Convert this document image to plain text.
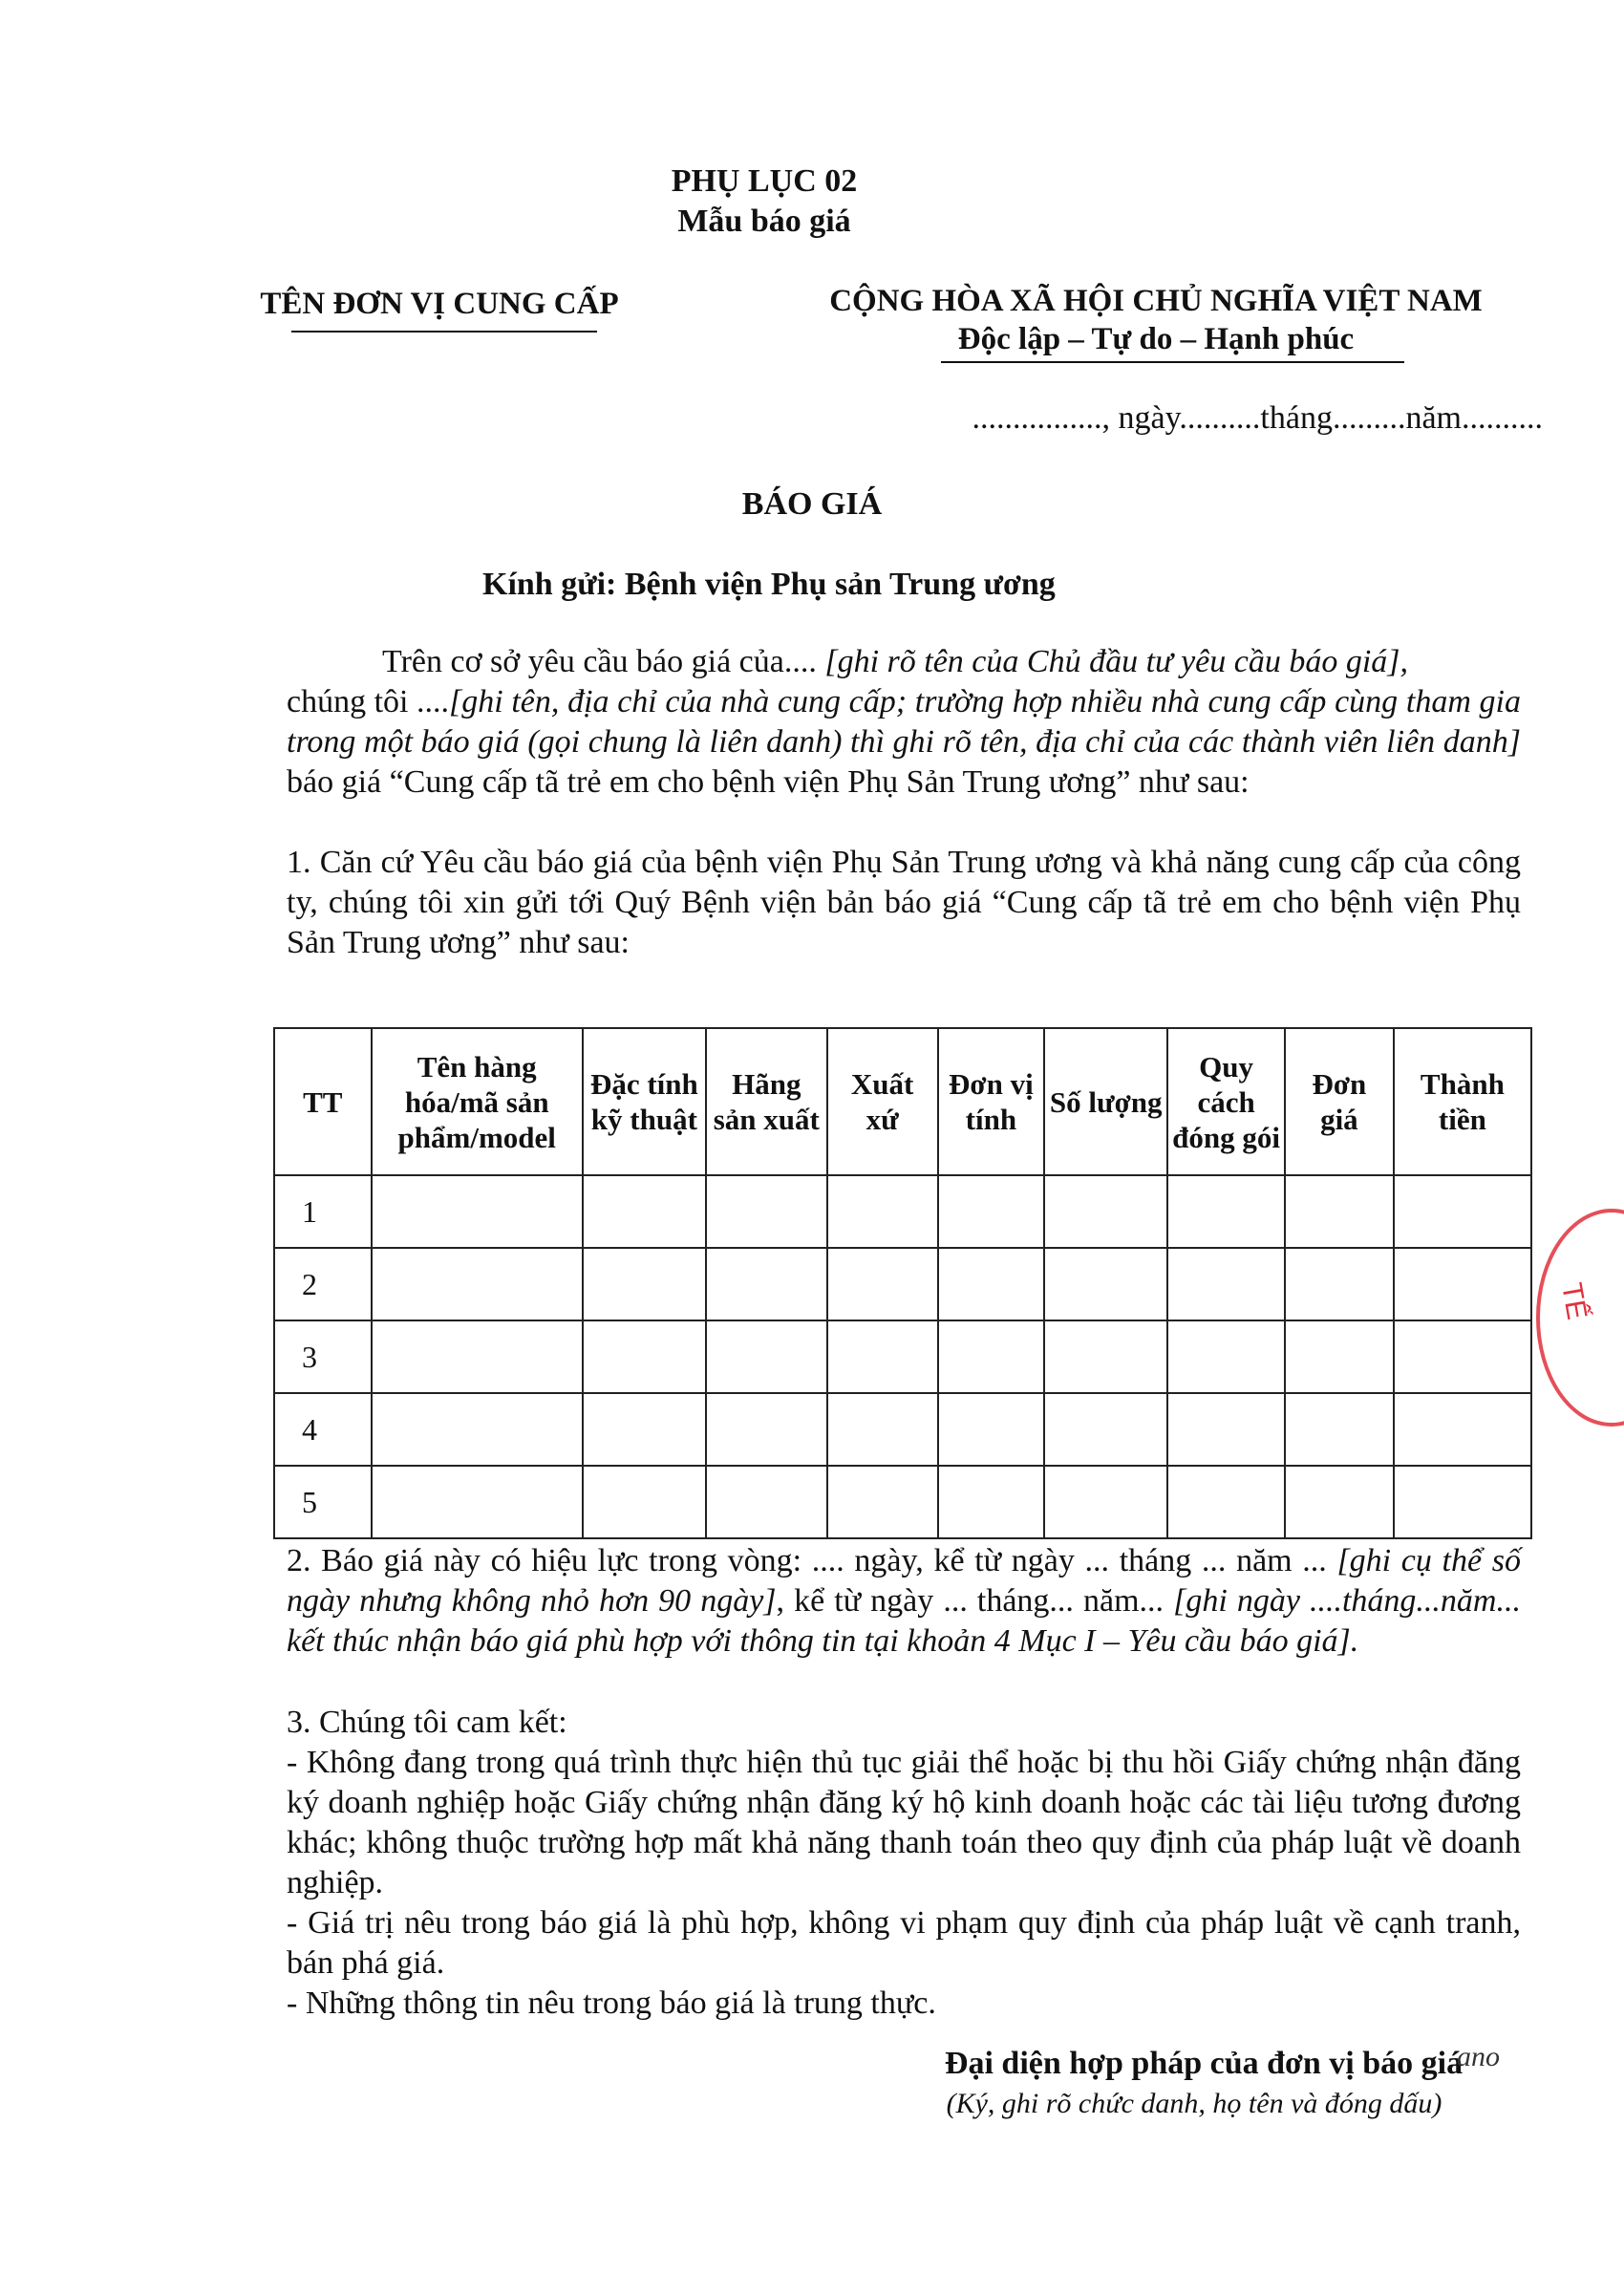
PHỤ LỤC 02
Mẫu báo giá
TÊN ĐƠN VỊ CUNG CẤP	CỘNG HÒA XÃ HỘI CHỦ NGHĨA VIỆT NAM
Độc lập – Tự do – Hạnh phúc
................, ngày..........tháng.........năm..........
BÁO GIÁ
Kính gửi: Bệnh viện Phụ sản Trung ương
Trên cơ sở yêu cầu báo giá của.... [ghi rõ tên của Chủ đầu tư yêu cầu báo giá],
chúng tôi ....[ghi tên, địa chỉ của nhà cung cấp; trường hợp nhiều nhà cung cấp cùng tham gia trong một báo giá (gọi chung là liên danh) thì ghi rõ tên, địa chỉ của các thành viên liên danh] báo giá “Cung cấp tã trẻ em cho bệnh viện Phụ Sản Trung ương” như sau:
1. Căn cứ Yêu cầu báo giá của bệnh viện Phụ Sản Trung ương và khả năng cung cấp của công ty, chúng tôi xin gửi tới Quý Bệnh viện bản báo giá “Cung cấp tã trẻ em cho bệnh viện Phụ Sản Trung ương” như sau:
TT	Tên hàng hóa/mã sản phẩm/model	Đặc tính kỹ thuật	Hãng sản xuất	Xuất xứ	Đơn vị tính	Số lượng	Quy cách đóng gói	Đơn giá	Thành tiền
1									
2									
3									
4									
5									
2. Báo giá này có hiệu lực trong vòng: .... ngày, kể từ ngày ... tháng ... năm ... [ghi cụ thể số ngày nhưng không nhỏ hơn 90 ngày], kể từ ngày ... tháng... năm... [ghi ngày ....tháng...năm... kết thúc nhận báo giá phù hợp với thông tin tại khoản 4 Mục I – Yêu cầu báo giá].
3. Chúng tôi cam kết:
- Không đang trong quá trình thực hiện thủ tục giải thể hoặc bị thu hồi Giấy chứng nhận đăng ký doanh nghiệp hoặc Giấy chứng nhận đăng ký hộ kinh doanh hoặc các tài liệu tương đương khác; không thuộc trường hợp mất khả năng thanh toán theo quy định của pháp luật về doanh nghiệp.
- Giá trị nêu trong báo giá là phù hợp, không vi phạm quy định của pháp luật về cạnh tranh, bán phá giá.
- Những thông tin nêu trong báo giá là trung thực.
Đại diện hợp pháp của đơn vị báo giá
(Ký, ghi rõ chức danh, họ tên và đóng dấu)
ano
TẾ
